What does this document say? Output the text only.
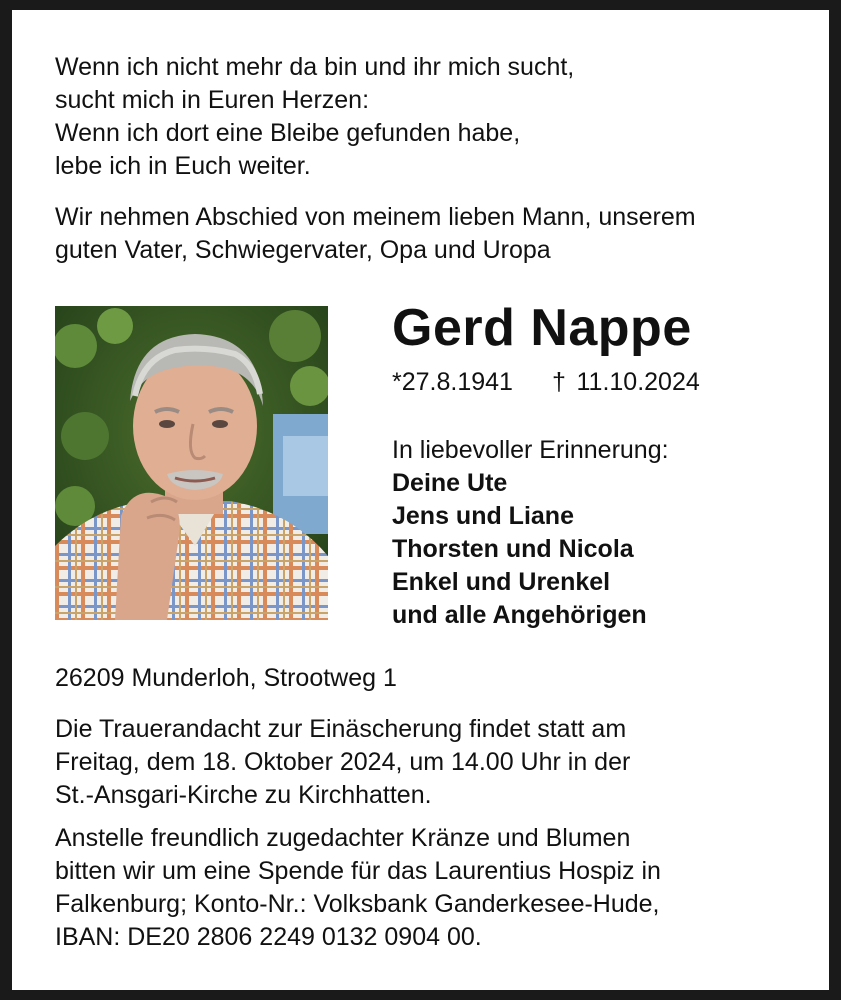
Wenn ich nicht mehr da bin und ihr mich sucht,

sucht mich in Euren Herzen:

Wenn ich dort eine Bleibe gefunden habe,

lebe ich in Euch weiter.

Wir nehmen Abschied von meinem lieben Mann, unserem

guten Vater, Schwiegervater, Opa und Uropa

Gerd Nappe

*27.8.1941 †

 11.10.2024

In liebevoller Erinnerung:

Deine Ute

Jens und Liane

Thorsten und Nicola

Enkel und Urenkel

und alle Angehörigen

26209 Munderloh, Strootweg 1

Die Trauerandacht zur Einäscherung findet statt am

Freitag, dem 18. Oktober 2024, um 14.00 Uhr in der

St.-Ansgari-Kirche zu Kirchhatten.

Anstelle freundlich zugedachter Kränze und Blumen

bitten wir um eine Spende für das Laurentius Hospiz in

Falkenburg; Konto-Nr.: Volksbank Ganderkesee-Hude,

IBAN: DE20 2806 2249 0132 0904 00.
